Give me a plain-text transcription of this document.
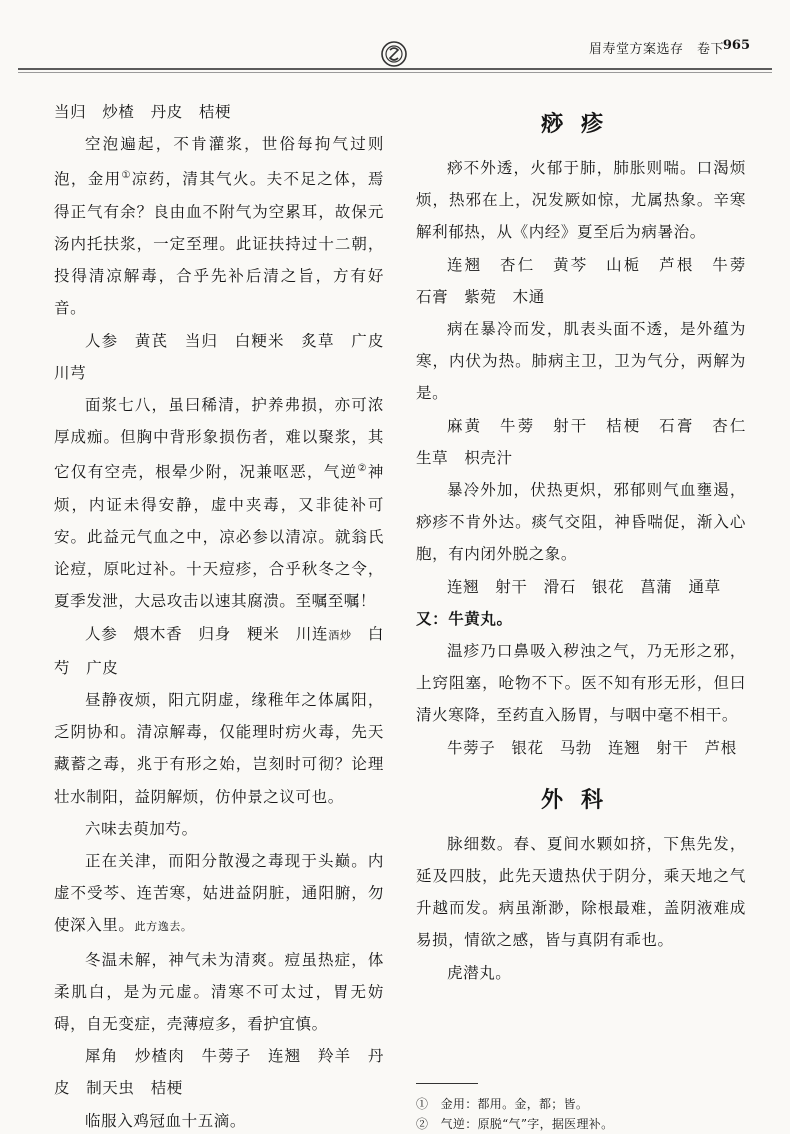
眉寿堂方案选存　卷下
965

当归　炒楂　丹皮　桔梗

空泡遍起，不肯灌浆，世俗每拘气过则泡，金用①凉药，清其气火。夫不足之体，焉得正气有余？良由血不附气为空累耳，故保元汤内托扶浆，一定至理。此证扶持过十二朝，投得清凉解毒，合乎先补后清之旨，方有好音。

人参　黄芪　当归　白粳米　炙草　广皮　川芎

面浆七八，虽曰稀清，护养弗损，亦可浓厚成痂。但胸中背形象损伤者，难以聚浆，其它仅有空壳，根晕少附，况兼呕恶，气逆②神烦，内证未得安静，虚中夹毒，又非徒补可安。此益元气血之中，凉必参以清凉。就翁氏论痘，原叱过补。十天痘疹，合乎秋冬之令，夏季发泄，大忌攻击以速其腐溃。至嘱至嘱！

人参　煨木香　归身　粳米　川连酒炒　白芍　广皮

昼静夜烦，阳亢阴虚，缘稚年之体属阳，乏阴协和。清凉解毒，仅能理时疠火毒，先天藏蓄之毒，兆于有形之始，岂刻时可彻？论理壮水制阳，益阴解烦，仿仲景之议可也。

六味去萸加芍。

正在关津，而阳分散漫之毒现于头巅。内虚不受芩、连苦寒，姑进益阴脏，通阳腑，勿使深入里。此方逸去。

冬温未解，神气未为清爽。痘虽热症，体柔肌白，是为元虚。清寒不可太过，胃无妨碍，自无变症，壳薄痘多，看护宜慎。

犀角　炒楂肉　牛蒡子　连翘　羚羊　丹皮　制天虫　桔梗

临服入鸡冠血十五滴。

痧疹

痧不外透，火郁于肺，肺胀则喘。口渴烦烦，热邪在上，况发厥如惊，尤属热象。辛寒解利郁热，从《内经》夏至后为病暑治。

连翘　杏仁　黄芩　山栀　芦根　牛蒡　石膏　紫菀　木通

病在暴冷而发，肌表头面不透，是外蕴为寒，内伏为热。肺病主卫，卫为气分，两解为是。

麻黄　牛蒡　射干　桔梗　石膏　杏仁　生草　枳壳汁

暴冷外加，伏热更炽，邪郁则气血壅遏，痧疹不肯外达。痰气交阻，神昏喘促，渐入心胞，有内闭外脱之象。

连翘　射干　滑石　银花　菖蒲　通草

又：牛黄丸。

温疹乃口鼻吸入秽浊之气，乃无形之邪，上窍阻塞，呛物不下。医不知有形无形，但曰清火寒降，至药直入肠胃，与咽中毫不相干。

牛蒡子　银花　马勃　连翘　射干　芦根

外科

脉细数。春、夏间水颗如挤，下焦先发，延及四肢，此先天遗热伏于阴分，乘天地之气升越而发。病虽渐渺，除根最难，盖阴液难成易损，情欲之感，皆与真阴有乖也。

虎潜丸。

①　金用：都用。金，都；皆。
②　气逆：原脱“气”字，据医理补。
